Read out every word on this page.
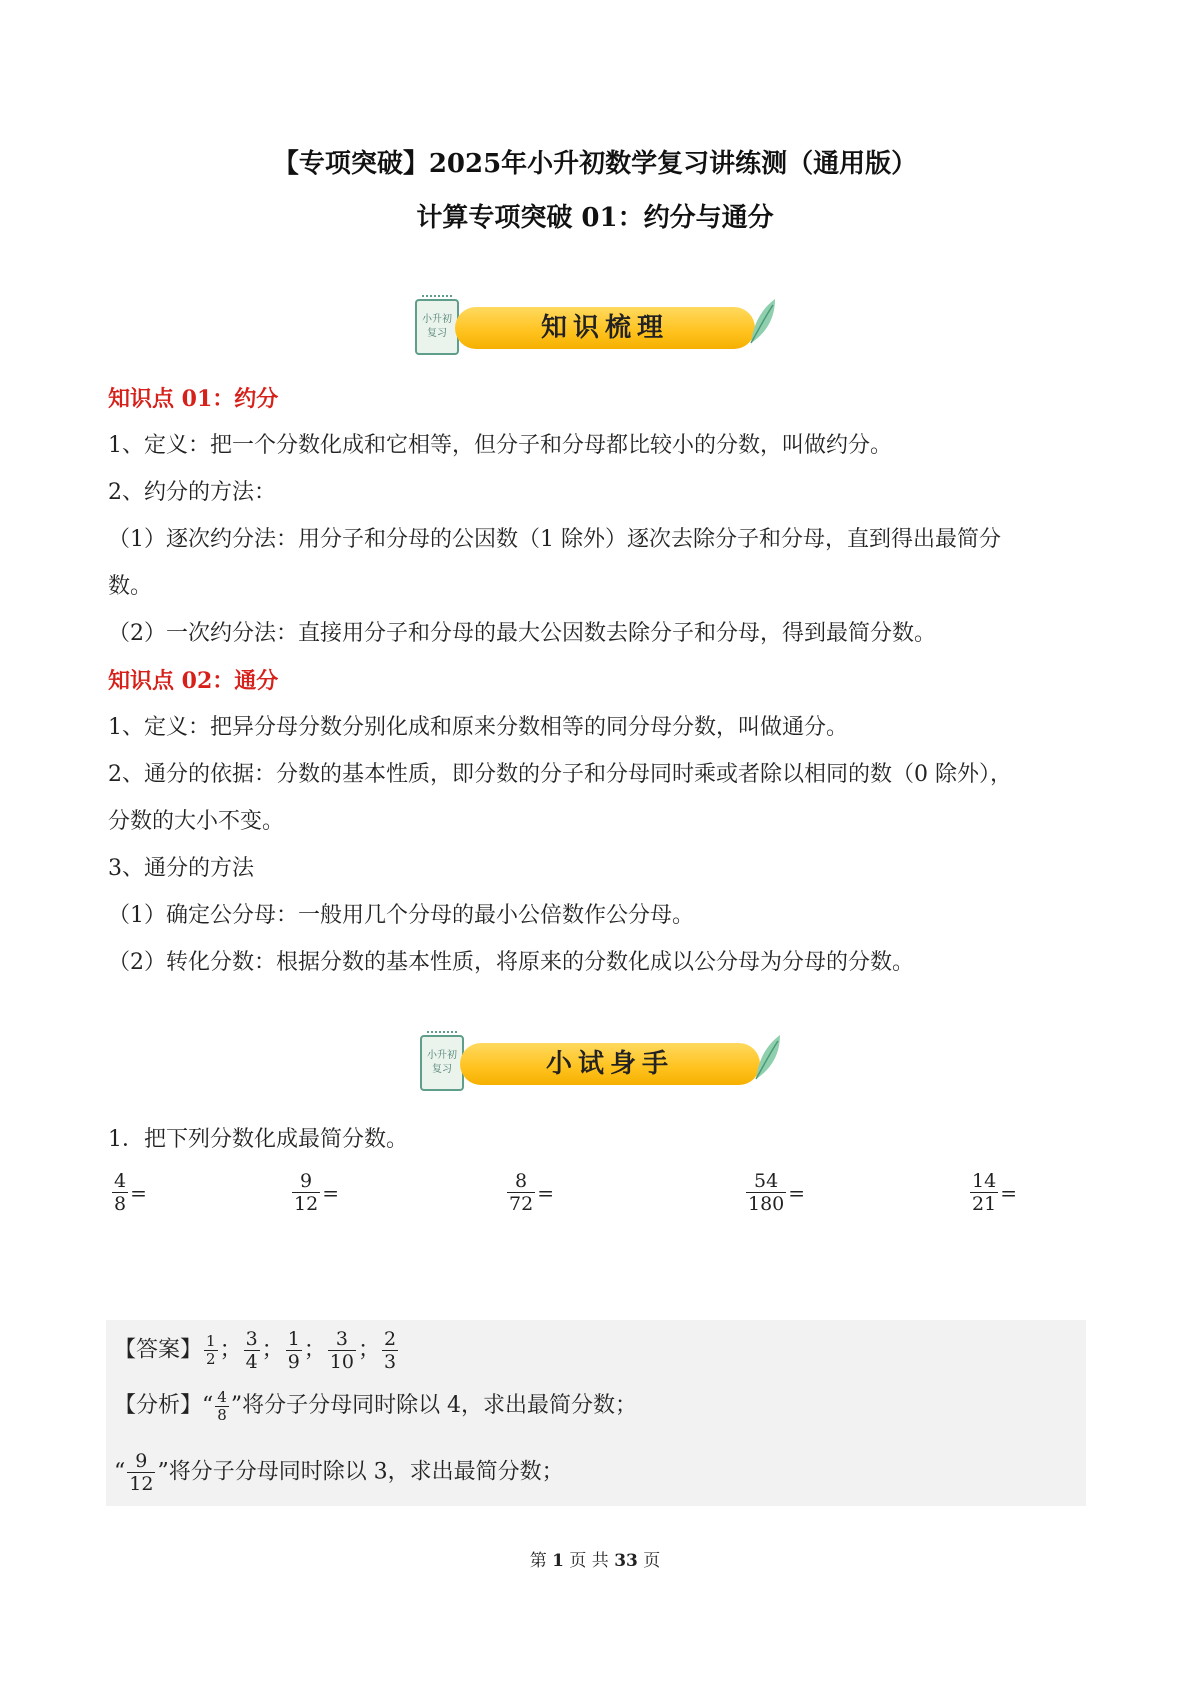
【专项突破】2025年小升初数学复习讲练测（通用版）
计算专项突破 01：约分与通分
小升初
复习	知识梳理
知识点 01：约分
1、定义：把一个分数化成和它相等，但分子和分母都比较小的分数，叫做约分。
2、约分的方法：
（1）逐次约分法：用分子和分母的公因数（1 除外）逐次去除分子和分母，直到得出最简分
数。
（2）一次约分法：直接用分子和分母的最大公因数去除分子和分母，得到最简分数。
知识点 02：通分
1、定义：把异分母分数分别化成和原来分数相等的同分母分数，叫做通分。
2、通分的依据：分数的基本性质，即分数的分子和分母同时乘或者除以相同的数（0 除外），
分数的大小不变。
3、通分的方法
（1）确定公分母：一般用几个分母的最小公倍数作公分母。
（2）转化分数：根据分数的基本性质，将原来的分数化成以公分母为分母的分数。
小升初
复习	小试身手
1．把下列分数化成最简分数。
$\frac{4}{8}$ =	$\frac{9}{12}$ =	$\frac{8}{72}$ =	$\frac{54}{180}$ =	$\frac{14}{21}$ =
【答案】 $\frac{1}{2}$ ； $\frac{3}{4}$ ； $\frac{1}{9}$ ； $\frac{3}{10}$ ； $\frac{2}{3}$
【分析】“ $\frac{4}{8}$ ”将分子分母同时除以 4，求出最简分数；
“ $\frac{9}{12}$ ”将分子分母同时除以 3，求出最简分数；
第 1 页 共 33 页
